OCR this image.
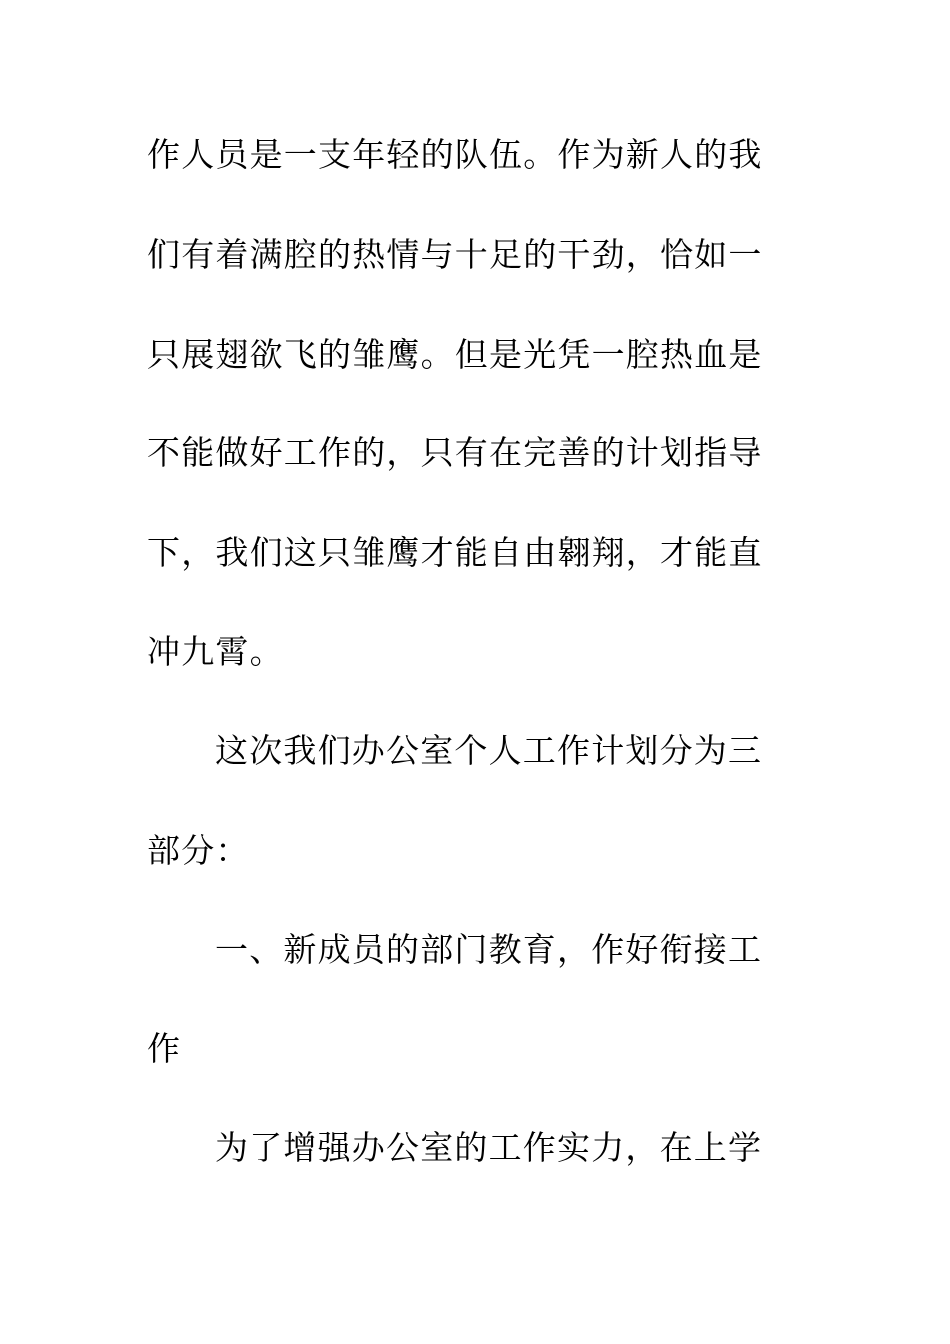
作人员是一支年轻的队伍。作为新人的我
们有着满腔的热情与十足的干劲，恰如一
只展翅欲飞的雏鹰。但是光凭一腔热血是
不能做好工作的，只有在完善的计划指导
下，我们这只雏鹰才能自由翱翔，才能直
冲九霄。
这次我们办公室个人工作计划分为三
部分：
一、新成员的部门教育，作好衔接工
作
为了增强办公室的工作实力，在上学
